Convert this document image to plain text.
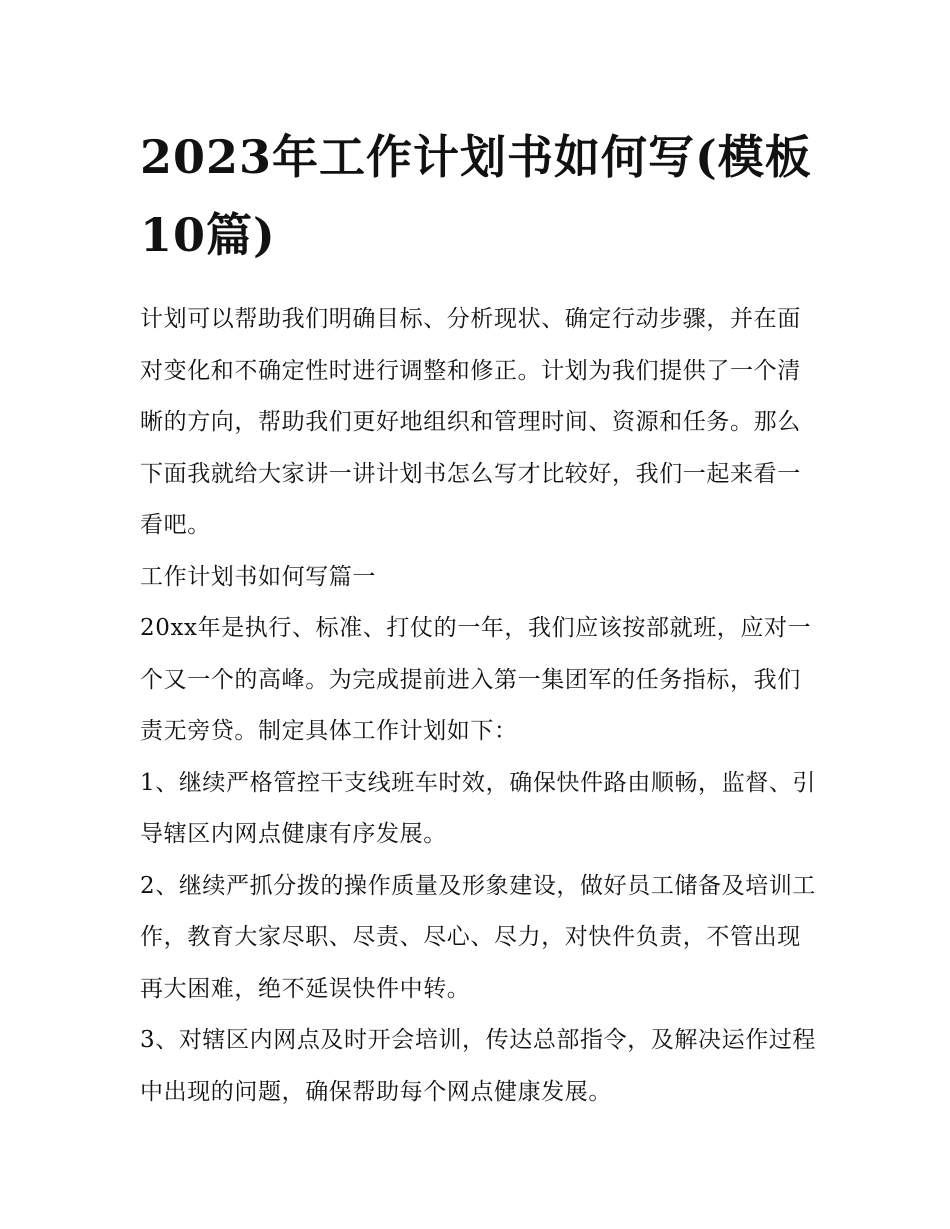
2023年工作计划书如何写(模板10篇)

计划可以帮助我们明确目标、分析现状、确定行动步骤，并在面对变化和不确定性时进行调整和修正。计划为我们提供了一个清晰的方向，帮助我们更好地组织和管理时间、资源和任务。那么下面我就给大家讲一讲计划书怎么写才比较好，我们一起来看一看吧。

工作计划书如何写篇一

20xx年是执行、标准、打仗的一年，我们应该按部就班，应对一个又一个的高峰。为完成提前进入第一集团军的任务指标，我们责无旁贷。制定具体工作计划如下：

1、继续严格管控干支线班车时效，确保快件路由顺畅，监督、引导辖区内网点健康有序发展。

2、继续严抓分拨的操作质量及形象建设，做好员工储备及培训工作，教育大家尽职、尽责、尽心、尽力，对快件负责，不管出现再大困难，绝不延误快件中转。

3、对辖区内网点及时开会培训，传达总部指令，及解决运作过程中出现的问题，确保帮助每个网点健康发展。
